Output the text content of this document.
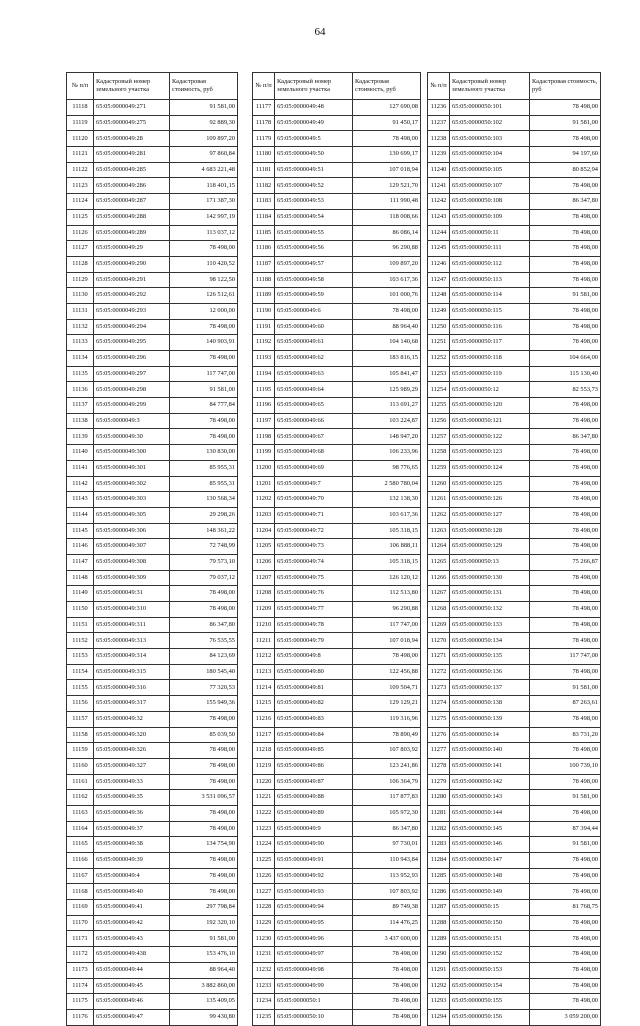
64
№ п/п	Кадастровый номер земельного участка	Кадастровая стоимость, руб
11118	65:05:0000049:271	91 581,00
11119	65:05:0000049:275	92 889,30
11120	65:05:0000049:28	109 897,20
11121	65:05:0000049:281	97 860,84
11122	65:05:0000049:285	4 683 221,48
11123	65:05:0000049:286	118 401,15
11124	65:05:0000049:287	171 387,30
11125	65:05:0000049:288	142 997,19
11126	65:05:0000049:289	113 037,12
11127	65:05:0000049:29	78 498,00
11128	65:05:0000049:290	110 420,52
11129	65:05:0000049:291	98 122,50
11130	65:05:0000049:292	126 512,61
11131	65:05:0000049:293	12 000,00
11132	65:05:0000049:294	78 498,00
11133	65:05:0000049:295	140 903,91
11134	65:05:0000049:296	78 498,00
11135	65:05:0000049:297	117 747,00
11136	65:05:0000049:298	91 581,00
11137	65:05:0000049:299	84 777,84
11138	65:05:0000049:3	78 498,00
11139	65:05:0000049:30	78 498,00
11140	65:05:0000049:300	130 830,00
11141	65:05:0000049:301	85 955,31
11142	65:05:0000049:302	85 955,31
11143	65:05:0000049:303	130 568,34
11144	65:05:0000049:305	29 298,26
11145	65:05:0000049:306	148 361,22
11146	65:05:0000049:307	72 748,99
11147	65:05:0000049:308	79 573,10
11148	65:05:0000049:309	79 037,12
11149	65:05:0000049:31	78 498,00
11150	65:05:0000049:310	78 498,00
11151	65:05:0000049:311	86 347,80
11152	65:05:0000049:313	76 535,55
11153	65:05:0000049:314	84 123,69
11154	65:05:0000049:315	180 545,40
11155	65:05:0000049:316	77 320,53
11156	65:05:0000049:317	155 949,36
11157	65:05:0000049:32	78 498,00
11158	65:05:0000049:320	85 039,50
11159	65:05:0000049:326	78 498,00
11160	65:05:0000049:327	78 498,00
11161	65:05:0000049:33	78 498,00
11162	65:05:0000049:35	3 531 096,57
11163	65:05:0000049:36	78 498,00
11164	65:05:0000049:37	78 498,00
11165	65:05:0000049:38	134 754,90
11166	65:05:0000049:39	78 498,00
11167	65:05:0000049:4	78 498,00
11168	65:05:0000049:40	78 498,00
11169	65:05:0000049:41	297 798,84
11170	65:05:0000049:42	192 320,10
11171	65:05:0000049:43	91 581,00
11172	65:05:0000049:438	153 476,10
11173	65:05:0000049:44	88 964,40
11174	65:05:0000049:45	3 882 860,00
11175	65:05:0000049:46	135 409,05
11176	65:05:0000049:47	99 430,80
№ п/п	Кадастровый номер земельного участка	Кадастровая стоимость, руб
11177	65:05:0000049:48	127 690,08
11178	65:05:0000049:49	91 450,17
11179	65:05:0000049:5	78 498,00
11180	65:05:0000049:50	130 699,17
11181	65:05:0000049:51	107 018,94
11182	65:05:0000049:52	129 521,70
11183	65:05:0000049:53	111 990,48
11184	65:05:0000049:54	118 008,66
11185	65:05:0000049:55	86 086,14
11186	65:05:0000049:56	96 290,88
11187	65:05:0000049:57	109 897,20
11188	65:05:0000049:58	103 617,36
11189	65:05:0000049:59	101 000,76
11190	65:05:0000049:6	78 498,00
11191	65:05:0000049:60	88 964,40
11192	65:05:0000049:61	104 140,68
11193	65:05:0000049:62	183 816,15
11194	65:05:0000049:63	105 841,47
11195	65:05:0000049:64	125 989,29
11196	65:05:0000049:65	113 691,27
11197	65:05:0000049:66	103 224,87
11198	65:05:0000049:67	148 947,20
11199	65:05:0000049:68	106 233,96
11200	65:05:0000049:69	98 776,65
11201	65:05:0000049:7	2 580 780,04
11202	65:05:0000049:70	132 138,30
11203	65:05:0000049:71	103 617,36
11204	65:05:0000049:72	105 318,15
11205	65:05:0000049:73	106 888,11
11206	65:05:0000049:74	105 318,15
11207	65:05:0000049:75	126 120,12
11208	65:05:0000049:76	112 513,80
11209	65:05:0000049:77	96 290,88
11210	65:05:0000049:78	117 747,00
11211	65:05:0000049:79	107 018,94
11212	65:05:0000049:8	78 498,00
11213	65:05:0000049:80	122 456,88
11214	65:05:0000049:81	109 504,71
11215	65:05:0000049:82	129 129,21
11216	65:05:0000049:83	119 316,96
11217	65:05:0000049:84	78 890,49
11218	65:05:0000049:85	107 803,92
11219	65:05:0000049:86	123 241,86
11220	65:05:0000049:87	106 364,79
11221	65:05:0000049:88	117 877,83
11222	65:05:0000049:89	105 972,30
11223	65:05:0000049:9	86 347,80
11224	65:05:0000049:90	97 730,01
11225	65:05:0000049:91	110 943,84
11226	65:05:0000049:92	113 952,93
11227	65:05:0000049:93	107 803,92
11228	65:05:0000049:94	89 749,38
11229	65:05:0000049:95	114 476,25
11230	65:05:0000049:96	3 437 600,00
11231	65:05:0000049:97	78 498,00
11232	65:05:0000049:98	78 498,00
11233	65:05:0000049:99	78 498,00
11234	65:05:0000050:1	78 498,00
11235	65:05:0000050:10	78 498,00
№ п/п	Кадастровый номер земельного участка	Кадастровая стоимость, руб
11236	65:05:0000050:101	78 498,00
11237	65:05:0000050:102	91 581,00
11238	65:05:0000050:103	78 498,00
11239	65:05:0000050:104	94 197,60
11240	65:05:0000050:105	80 852,94
11241	65:05:0000050:107	78 498,00
11242	65:05:0000050:108	86 347,80
11243	65:05:0000050:109	78 498,00
11244	65:05:0000050:11	78 498,00
11245	65:05:0000050:111	78 498,00
11246	65:05:0000050:112	78 498,00
11247	65:05:0000050:113	78 498,00
11248	65:05:0000050:114	91 581,00
11249	65:05:0000050:115	78 498,00
11250	65:05:0000050:116	78 498,00
11251	65:05:0000050:117	78 498,00
11252	65:05:0000050:118	104 664,00
11253	65:05:0000050:119	115 130,40
11254	65:05:0000050:12	82 553,73
11255	65:05:0000050:120	78 498,00
11256	65:05:0000050:121	78 498,00
11257	65:05:0000050:122	86 347,80
11258	65:05:0000050:123	78 498,00
11259	65:05:0000050:124	78 498,00
11260	65:05:0000050:125	78 498,00
11261	65:05:0000050:126	78 498,00
11262	65:05:0000050:127	78 498,00
11263	65:05:0000050:128	78 498,00
11264	65:05:0000050:129	78 498,00
11265	65:05:0000050:13	75 266,87
11266	65:05:0000050:130	78 498,00
11267	65:05:0000050:131	78 498,00
11268	65:05:0000050:132	78 498,00
11269	65:05:0000050:133	78 498,00
11270	65:05:0000050:134	78 498,00
11271	65:05:0000050:135	117 747,00
11272	65:05:0000050:136	78 498,00
11273	65:05:0000050:137	91 581,00
11274	65:05:0000050:138	87 263,61
11275	65:05:0000050:139	78 498,00
11276	65:05:0000050:14	83 731,20
11277	65:05:0000050:140	78 498,00
11278	65:05:0000050:141	100 739,10
11279	65:05:0000050:142	78 498,00
11280	65:05:0000050:143	91 581,00
11281	65:05:0000050:144	78 498,00
11282	65:05:0000050:145	87 394,44
11283	65:05:0000050:146	91 581,00
11284	65:05:0000050:147	78 498,00
11285	65:05:0000050:148	78 498,00
11286	65:05:0000050:149	78 498,00
11287	65:05:0000050:15	81 768,75
11288	65:05:0000050:150	78 498,00
11289	65:05:0000050:151	78 498,00
11290	65:05:0000050:152	78 498,00
11291	65:05:0000050:153	78 498,00
11292	65:05:0000050:154	78 498,00
11293	65:05:0000050:155	78 498,00
11294	65:05:0000050:156	3 059 200,00
